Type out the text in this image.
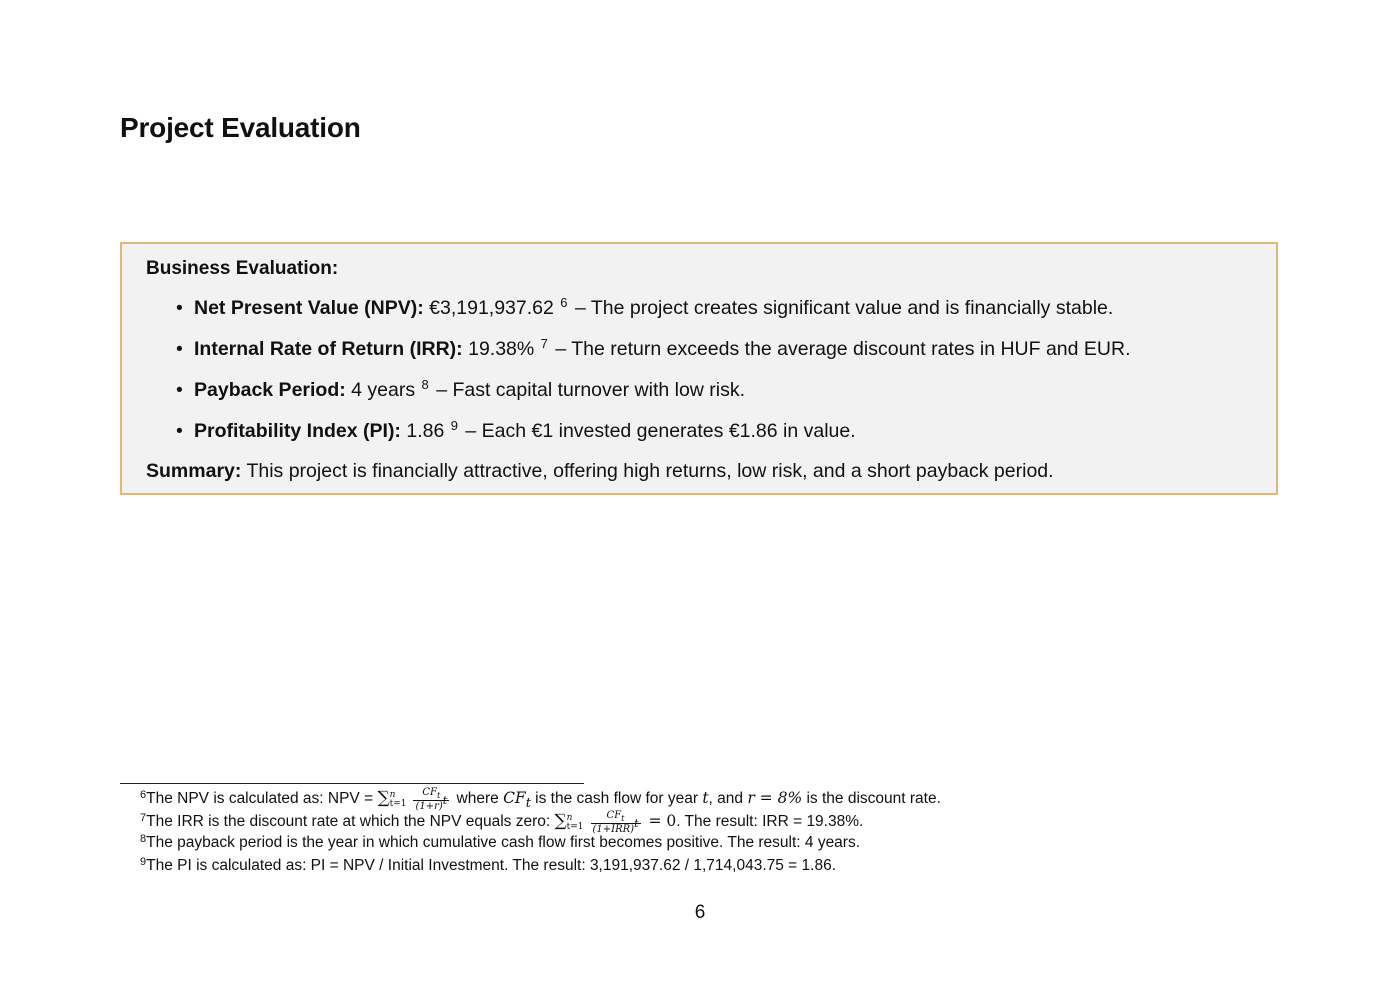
Project Evaluation
Business Evaluation:
• Net Present Value (NPV): €3,191,937.62 $^6$ – The project creates significant value and is financially stable.
• Internal Rate of Return (IRR): 19.38% $^7$ – The return exceeds the average discount rates in HUF and EUR.
• Payback Period: 4 years $^8$ – Fast capital turnover with low risk.
• Profitability Index (PI): 1.86 $^9$ – Each €1 invested generates €1.86 in value.
Summary: This project is financially attractive, offering high returns, low risk, and a short payback period.
$^6$The NPV is calculated as: NPV = ∑ n
$t=1 \frac{CF_t}{(1+r)^t}$ where $CF_t$ is the cash flow for year t, and r = 8% is the discount rate.
$^7$The IRR is the discount rate at which the NPV equals zero: ∑ n
$t=1 \frac{CF_t}{(1+IRR)^t} = 0$. The result: IRR = 19.38%.
$^8$The payback period is the year in which cumulative cash flow first becomes positive. The result: 4 years.
$^9$The PI is calculated as: PI = NPV / Initial Investment. The result: 3,191,937.62 / 1,714,043.75 = 1.86.
6
